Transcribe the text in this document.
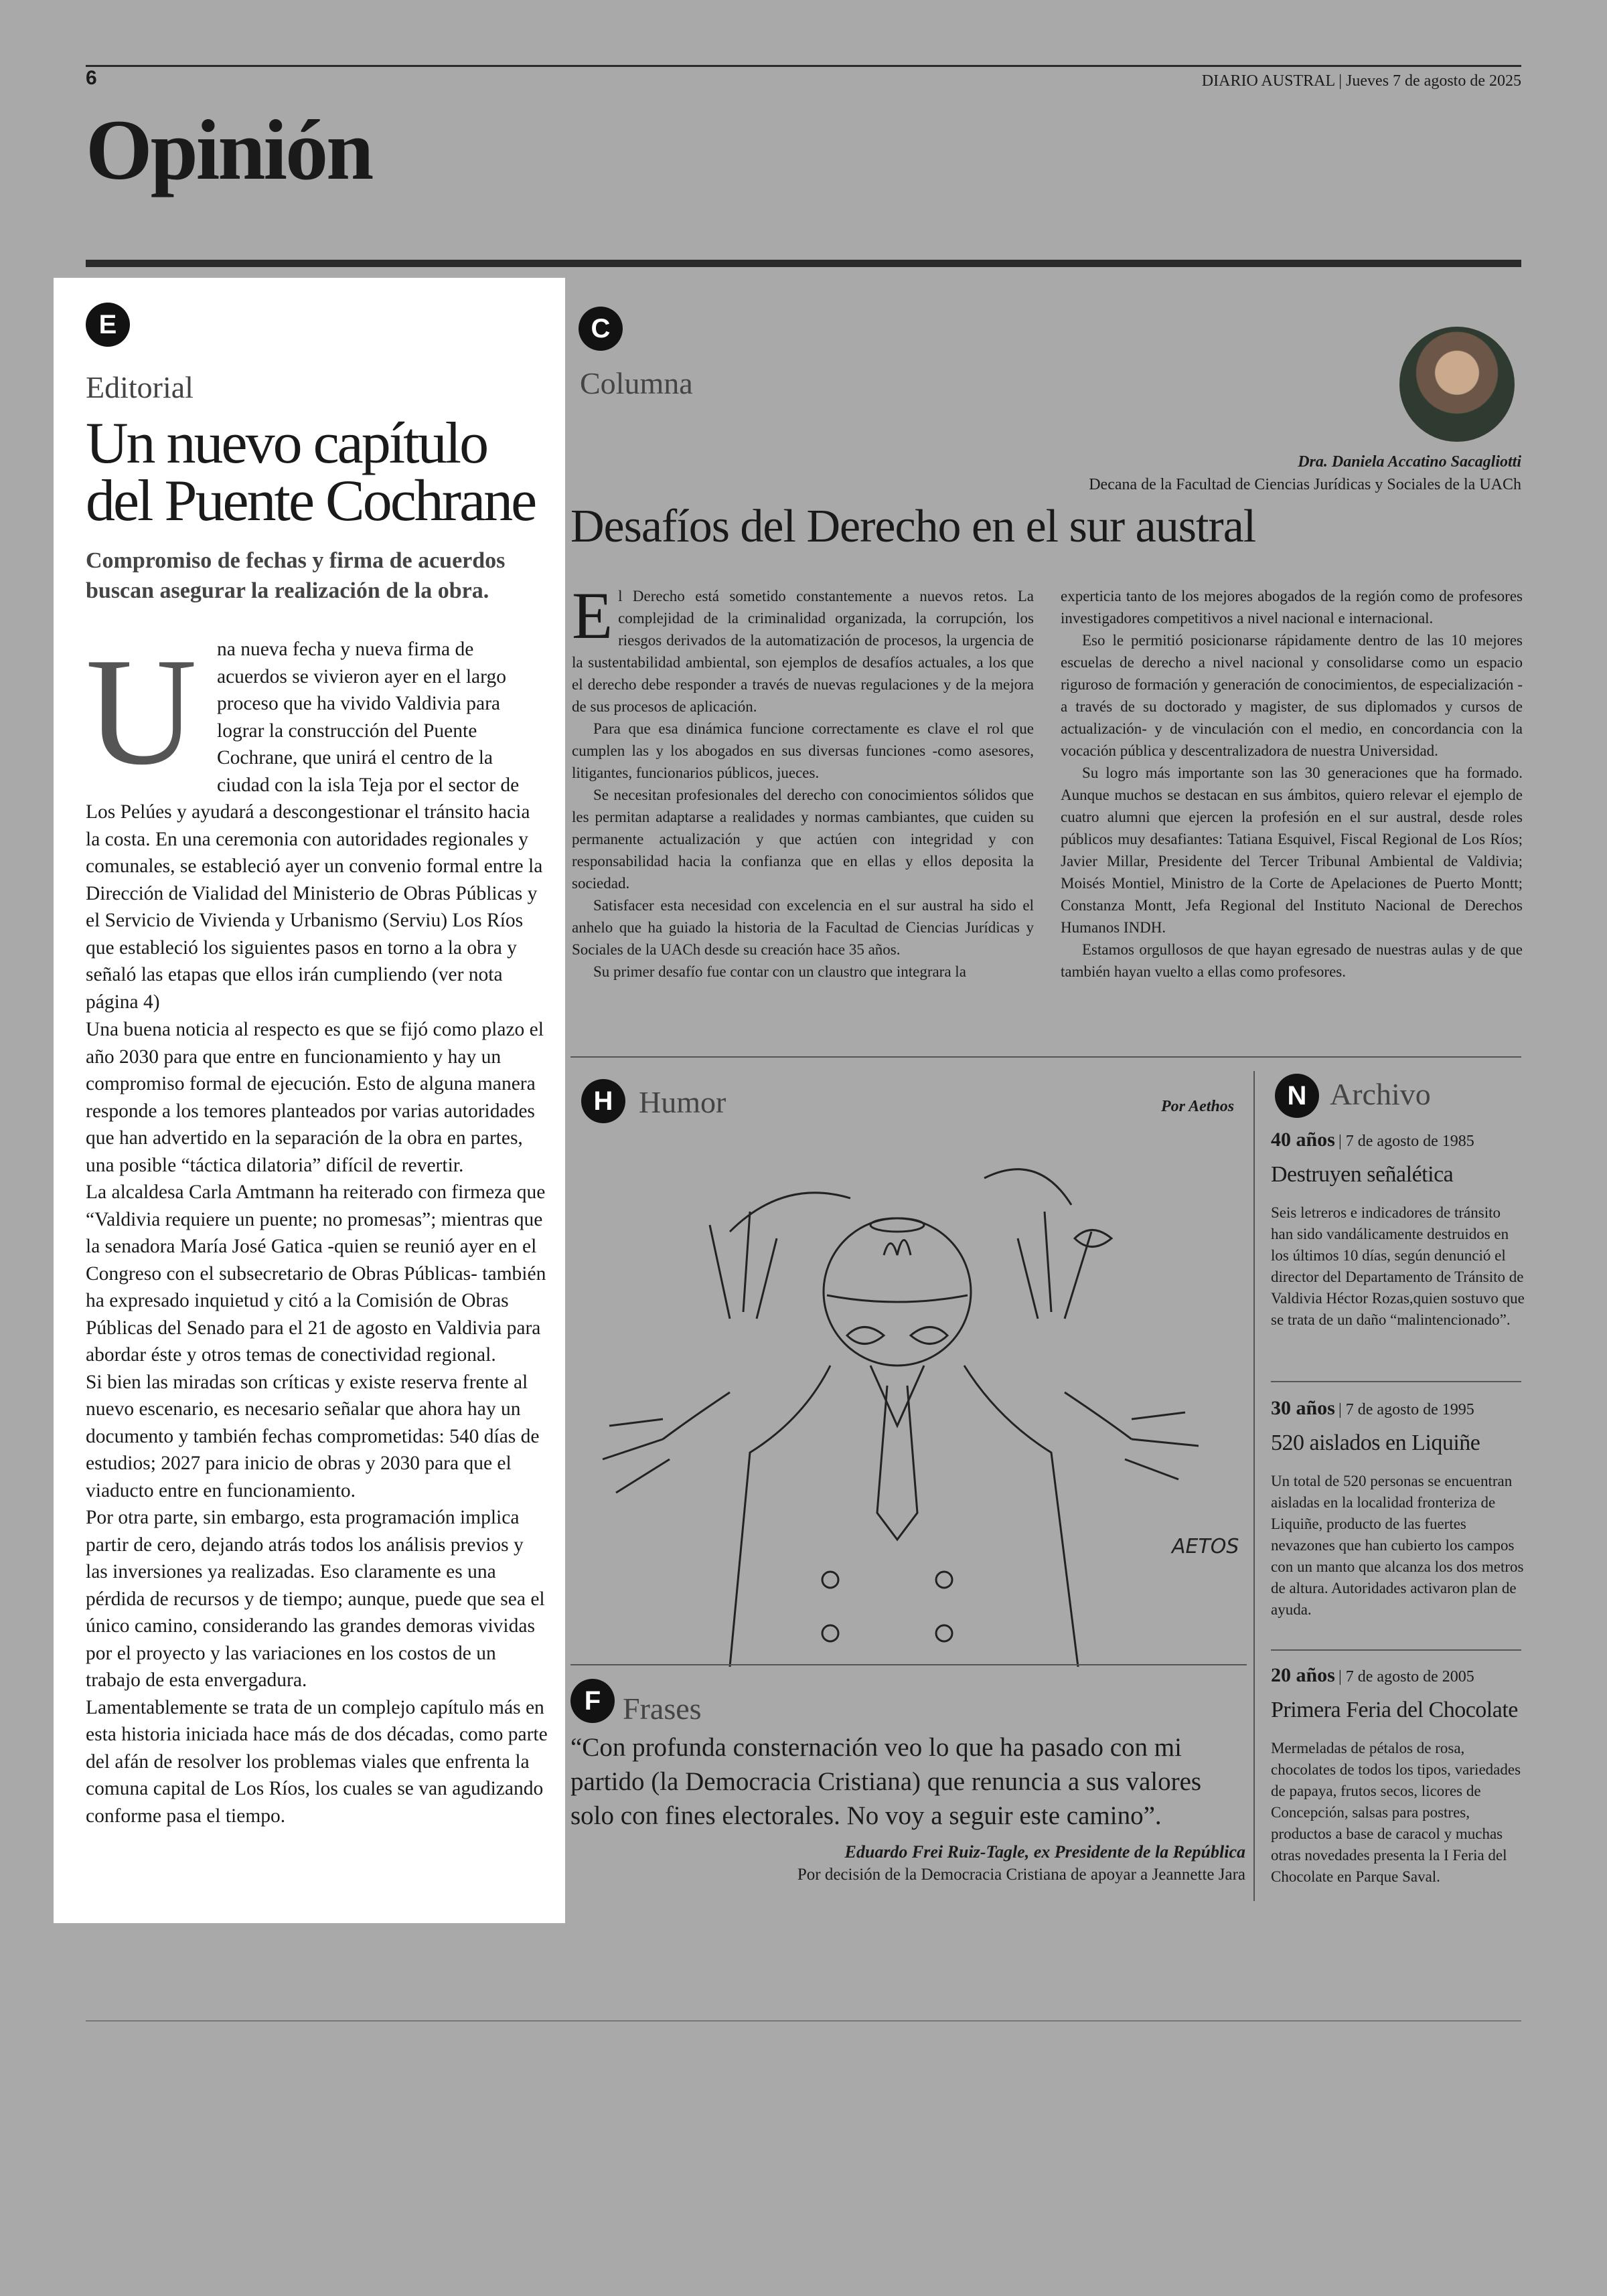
6	DIARIO AUSTRAL | Jueves 7 de agosto de 2025
Opinión
E
Editorial
Un nuevo capítulo
del Puente Cochrane
Compromiso de fechas y firma de acuerdos buscan asegurar la realización de la obra.
U	na nueva fecha y nueva firma de acuerdos se vivieron ayer en el largo proceso que ha vivido Valdivia para lograr la construcción del Puente Cochrane, que unirá el centro de la ciudad con la isla Teja por el sector de Los Pelúes y ayudará a descongestionar el tránsito hacia la costa. En una ceremonia con autoridades regionales y comunales, se estableció ayer un convenio formal entre la Dirección de Vialidad del Ministerio de Obras Públicas y el Servicio de Vivienda y Urbanismo (Serviu) Los Ríos que estableció los siguientes pasos en torno a la obra y señaló las etapas que ellos irán cumpliendo (ver nota página 4)

Una buena noticia al respecto es que se fijó como plazo el año 2030 para que entre en funcionamiento y hay un compromiso formal de ejecución. Esto de alguna manera responde a los temores planteados por varias autoridades que han advertido en la separación de la obra en partes, una posible “táctica dilatoria” difícil de revertir.

La alcaldesa Carla Amtmann ha reiterado con firmeza que “Valdivia requiere un puente; no promesas”; mientras que la senadora María José Gatica -quien se reunió ayer en el Congreso con el subsecretario de Obras Públicas- también ha expresado inquietud y citó a la Comisión de Obras Públicas del Senado para el 21 de agosto en Valdivia para abordar éste y otros temas de conectividad regional.

Si bien las miradas son críticas y existe reserva frente al nuevo escenario, es necesario señalar que ahora hay un documento y también fechas comprometidas: 540 días de estudios; 2027 para inicio de obras y 2030 para que el viaducto entre en funcionamiento.

Por otra parte, sin embargo, esta programación implica partir de cero, dejando atrás todos los análisis previos y las inversiones ya realizadas. Eso claramente es una pérdida de recursos y de tiempo; aunque, puede que sea el único camino, considerando las grandes demoras vividas por el proyecto y las variaciones en los costos de un trabajo de esta envergadura.

Lamentablemente se trata de un complejo capítulo más en esta historia iniciada hace más de dos décadas, como parte del afán de resolver los problemas viales que enfrenta la comuna capital de Los Ríos, los cuales se van agudizando conforme pasa el tiempo.

C
Columna
Dra. Daniela Accatino Sacagliotti
Decana de la Facultad de Ciencias Jurídicas y Sociales de la UACh
Desafíos del Derecho en el sur austral

El Derecho está sometido constantemente a nuevos retos. La complejidad de la criminalidad organizada, la corrupción, los riesgos derivados de la automatización de procesos, la urgencia de la sustentabilidad ambiental, son ejemplos de desafíos actuales, a los que el derecho debe responder a través de nuevas regulaciones y de la mejora de sus procesos de aplicación.

Para que esa dinámica funcione correctamente es clave el rol que cumplen las y los abogados en sus diversas funciones -como asesores, litigantes, funcionarios públicos, jueces.

Se necesitan profesionales del derecho con conocimientos sólidos que les permitan adaptarse a realidades y normas cambiantes, que cuiden su permanente actualización y que actúen con integridad y con responsabilidad hacia la confianza que en ellas y ellos deposita la sociedad.

Satisfacer esta necesidad con excelencia en el sur austral ha sido el anhelo que ha guiado la historia de la Facultad de Ciencias Jurídicas y Sociales de la UACh desde su creación hace 35 años.

Su primer desafío fue contar con un claustro que integrara la

experticia tanto de los mejores abogados de la región como de profesores investigadores competitivos a nivel nacional e internacional.

Eso le permitió posicionarse rápidamente dentro de las 10 mejores escuelas de derecho a nivel nacional y consolidarse como un espacio riguroso de formación y generación de conocimientos, de especialización -a través de su doctorado y magister, de sus diplomados y cursos de actualización- y de vinculación con el medio, en concordancia con la vocación pública y descentralizadora de nuestra Universidad.

Su logro más importante son las 30 generaciones que ha formado. Aunque muchos se destacan en sus ámbitos, quiero relevar el ejemplo de cuatro alumni que ejercen la profesión en el sur austral, desde roles públicos muy desafiantes: Tatiana Esquivel, Fiscal Regional de Los Ríos; Javier Millar, Presidente del Tercer Tribunal Ambiental de Valdivia; Moisés Montiel, Ministro de la Corte de Apelaciones de Puerto Montt; Constanza Montt, Jefa Regional del Instituto Nacional de Derechos Humanos INDH.

Estamos orgullosos de que hayan egresado de nuestras aulas y de que también hayan vuelto a ellas como profesores.

H Humor	Por Aethos
AETOS
F Frases
“Con profunda consternación veo lo que ha pasado con mi partido (la Democracia Cristiana) que renuncia a sus valores solo con fines electorales. No voy a seguir este camino”.
Eduardo Frei Ruiz-Tagle, ex Presidente de la República
Por decisión de la Democracia Cristiana de apoyar a Jeannette Jara
N Archivo
40 años | 7 de agosto de 1985
Destruyen señalética
Seis letreros e indicadores de tránsito han sido vandálicamente destruidos en los últimos 10 días, según denunció el director del Departamento de Tránsito de Valdivia Héctor Rozas,quien sostuvo que se trata de un daño “malintencionado”.
30 años | 7 de agosto de 1995
520 aislados en Liquiñe
Un total de 520 personas se encuentran aisladas en la localidad fronteriza de Liquiñe, producto de las fuertes nevazones que han cubierto los campos con un manto que alcanza los dos metros de altura. Autoridades activaron plan de ayuda.
20 años | 7 de agosto de 2005
Primera Feria del Chocolate
Mermeladas de pétalos de rosa, chocolates de todos los tipos, variedades de papaya, frutos secos, licores de Concepción, salsas para postres, productos a base de caracol y muchas otras novedades presenta la I Feria del Chocolate en Parque Saval.
